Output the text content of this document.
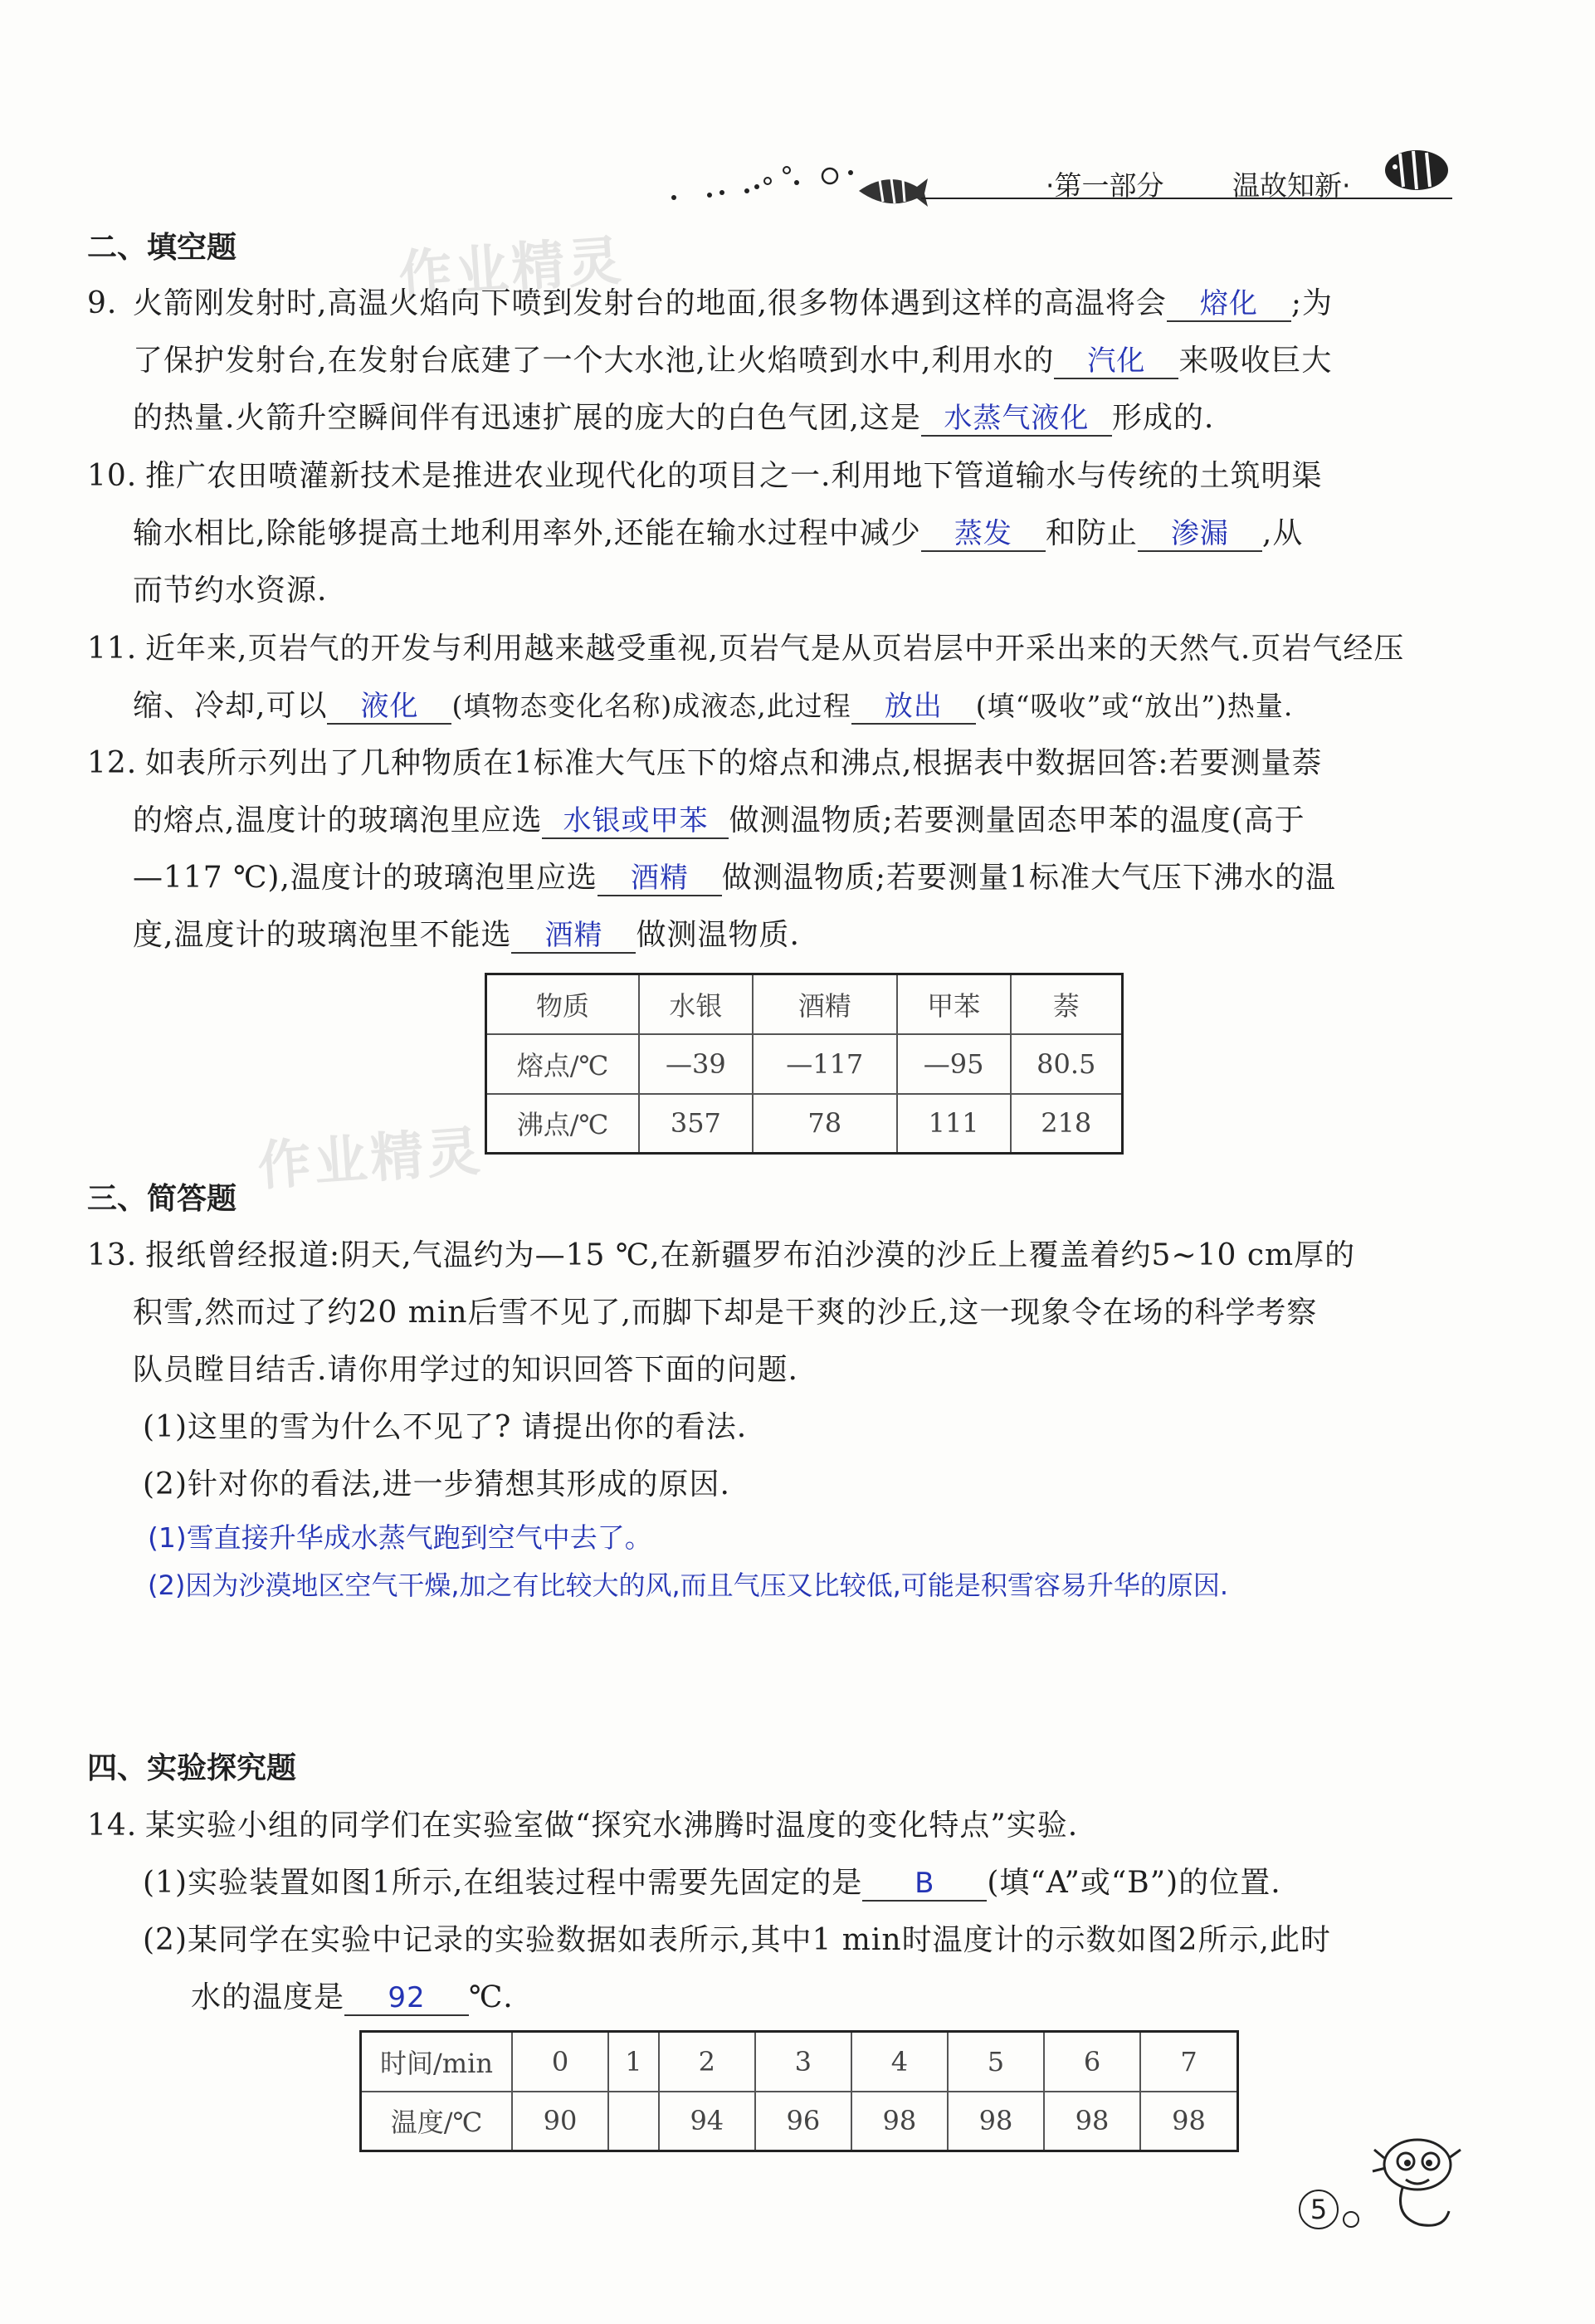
·第一部分	温故知新·
作业精灵
作业精灵
二、填空题
9. 火箭刚发射时,高温火焰向下喷到发射台的地面,很多物体遇到这样的高温将会 熔化 ;为
了保护发射台,在发射台底建了一个大水池,让火焰喷到水中,利用水的 汽化 来吸收巨大
的热量.火箭升空瞬间伴有迅速扩展的庞大的白色气团,这是 水蒸气液化 形成的.
10. 推广农田喷灌新技术是推进农业现代化的项目之一.利用地下管道输水与传统的土筑明渠
输水相比,除能够提高土地利用率外,还能在输水过程中减少 蒸发 和防止 渗漏 ,从
而节约水资源.
11. 近年来,页岩气的开发与利用越来越受重视,页岩气是从页岩层中开采出来的天然气.页岩气经压
缩、冷却,可以 液化 (填物态变化名称)成液态,此过程 放出 (填“吸收”或“放出”)热量.
12. 如表所示列出了几种物质在1标准大气压下的熔点和沸点,根据表中数据回答:若要测量萘
的熔点,温度计的玻璃泡里应选 水银或甲苯 做测温物质;若要测量固态甲苯的温度(高于
—117 ℃),温度计的玻璃泡里应选 酒精 做测温物质;若要测量1标准大气压下沸水的温
度,温度计的玻璃泡里不能选 酒精 做测温物质.
物质	水银	酒精	甲苯	萘
熔点/℃	—39	—117	—95	80.5
沸点/℃	357	78	111	218
三、简答题
13. 报纸曾经报道:阴天,气温约为—15 ℃,在新疆罗布泊沙漠的沙丘上覆盖着约5~10 cm厚的
积雪,然而过了约20 min后雪不见了,而脚下却是干爽的沙丘,这一现象令在场的科学考察
队员瞠目结舌.请你用学过的知识回答下面的问题.
(1)这里的雪为什么不见了? 请提出你的看法.
(2)针对你的看法,进一步猜想其形成的原因.
(1)雪直接升华成水蒸气跑到空气中去了。
(2)因为沙漠地区空气干燥,加之有比较大的风,而且气压又比较低,可能是积雪容易升华的原因.
四、实验探究题
14. 某实验小组的同学们在实验室做“探究水沸腾时温度的变化特点”实验.
(1)实验装置如图1所示,在组装过程中需要先固定的是 B (填“A”或“B”)的位置.
(2)某同学在实验中记录的实验数据如表所示,其中1 min时温度计的示数如图2所示,此时
水的温度是 92 ℃.
时间/min	0	1	2	3	4	5	6	7
温度/℃	90		94	96	98	98	98	98
5
